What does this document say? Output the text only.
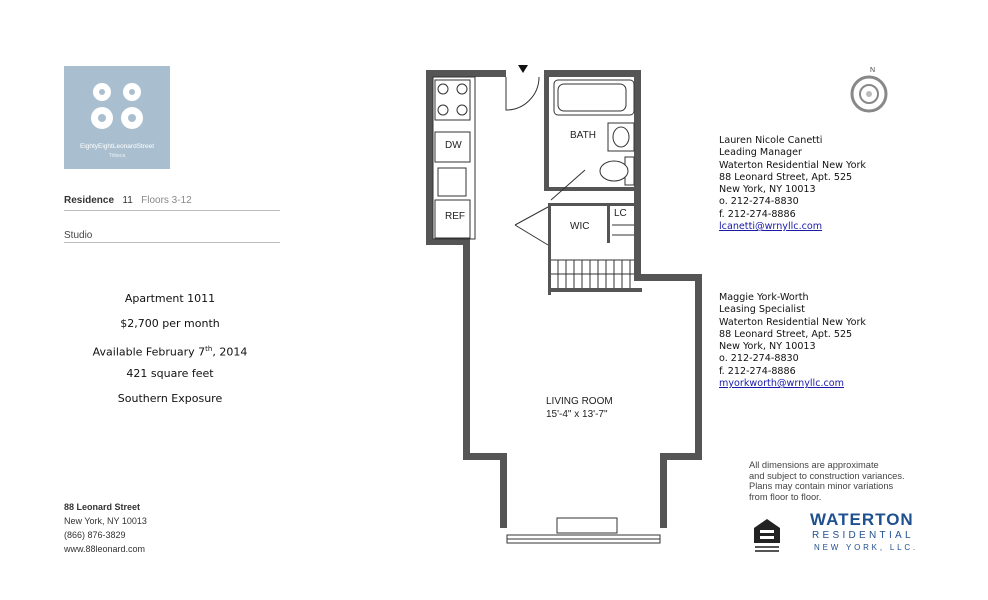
EightyEightLeonardStreet
Tribeca
Residence 11 Floors 3-12
Studio
Apartment 1011
$2,700 per month
Available February 7th, 2014
421 square feet
Southern Exposure
88 Leonard Street
New York, NY 10013
(866) 876-3829
www.88leonard.com
DW
REF
BATH
WIC
LC
LIVING ROOM
15'-4" x 13'-7"
N
Lauren Nicole Canetti
Leading Manager
Waterton Residential New York
88 Leonard Street, Apt. 525
New York, NY 10013
o. 212-274-8830
f. 212-274-8886
lcanetti@wrnyllc.com
Maggie York-Worth
Leasing Specialist
Waterton Residential New York
88 Leonard Street, Apt. 525
New York, NY 10013
o. 212-274-8830
f. 212-274-8886
myorkworth@wrnyllc.com
All dimensions are approximate
and subject to construction variances.
Plans may contain minor variations
from floor to floor.
WATERTON
RESIDENTIAL
NEW YORK, LLC.
